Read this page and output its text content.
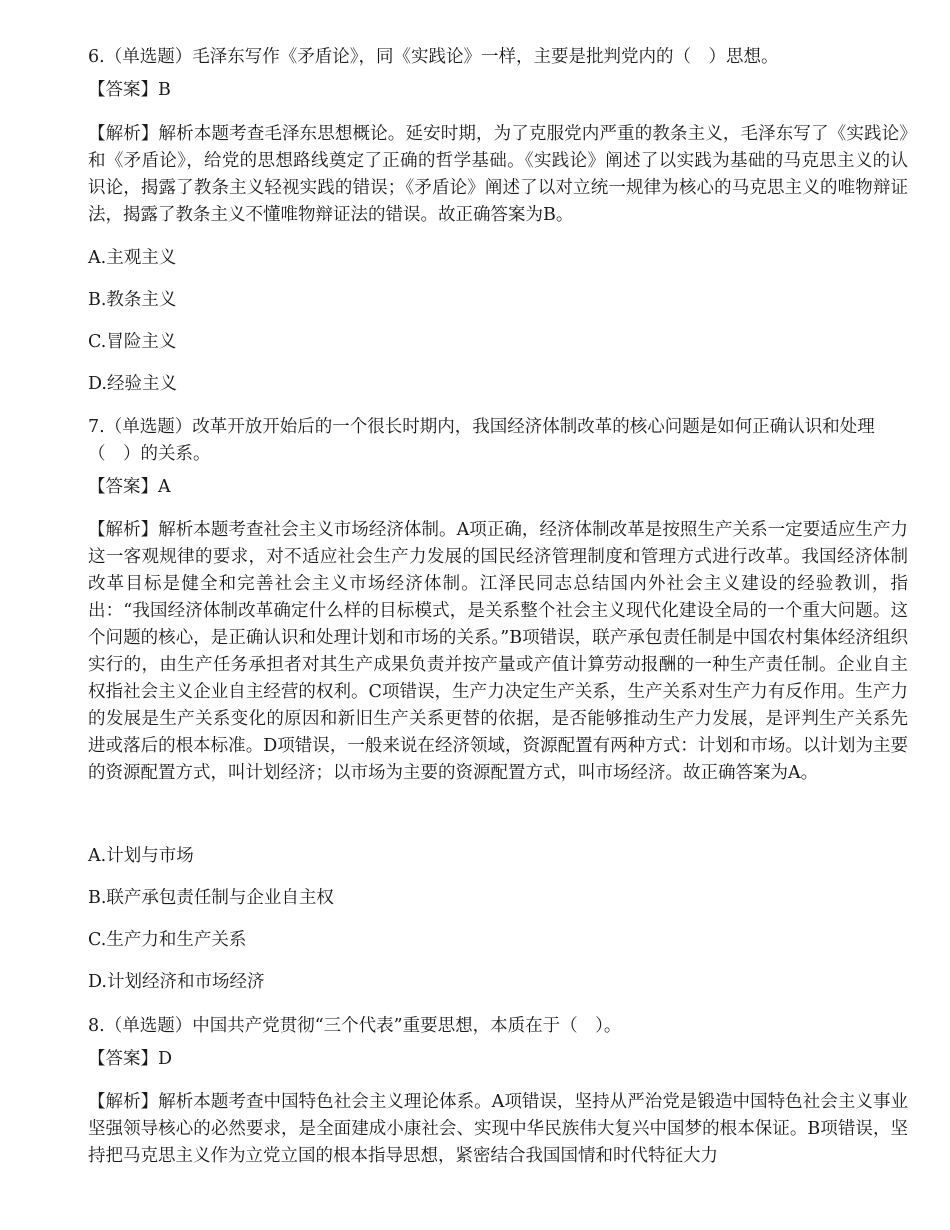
6.（单选题）毛泽东写作《矛盾论》，同《实践论》一样，主要是批判党内的（　）思想。

【答案】B

【解析】解析本题考查毛泽东思想概论。延安时期，为了克服党内严重的教条主义，毛泽东写了《实践论》和《矛盾论》，给党的思想路线奠定了正确的哲学基础。《实践论》阐述了以实践为基础的马克思主义的认识论，揭露了教条主义轻视实践的错误；《矛盾论》阐述了以对立统一规律为核心的马克思主义的唯物辩证法，揭露了教条主义不懂唯物辩证法的错误。故正确答案为B。

A.主观主义

B.教条主义

C.冒险主义

D.经验主义

7.（单选题）改革开放开始后的一个很长时期内，我国经济体制改革的核心问题是如何正确认识和处理（　）的关系。

【答案】A

【解析】解析本题考查社会主义市场经济体制。A项正确，经济体制改革是按照生产关系一定要适应生产力这一客观规律的要求，对不适应社会生产力发展的国民经济管理制度和管理方式进行改革。我国经济体制改革目标是健全和完善社会主义市场经济体制。江泽民同志总结国内外社会主义建设的经验教训，指出：“我国经济体制改革确定什么样的目标模式，是关系整个社会主义现代化建设全局的一个重大问题。这个问题的核心，是正确认识和处理计划和市场的关系。”B项错误，联产承包责任制是中国农村集体经济组织实行的，由生产任务承担者对其生产成果负责并按产量或产值计算劳动报酬的一种生产责任制。企业自主权指社会主义企业自主经营的权利。C项错误，生产力决定生产关系，生产关系对生产力有反作用。生产力的发展是生产关系变化的原因和新旧生产关系更替的依据，是否能够推动生产力发展，是评判生产关系先进或落后的根本标准。D项错误，一般来说在经济领域，资源配置有两种方式：计划和市场。以计划为主要的资源配置方式，叫计划经济；以市场为主要的资源配置方式，叫市场经济。故正确答案为A。

A.计划与市场

B.联产承包责任制与企业自主权

C.生产力和生产关系

D.计划经济和市场经济

8.（单选题）中国共产党贯彻“三个代表”重要思想，本质在于（　）。

【答案】D

【解析】解析本题考查中国特色社会主义理论体系。A项错误，坚持从严治党是锻造中国特色社会主义事业坚强领导核心的必然要求，是全面建成小康社会、实现中华民族伟大复兴中国梦的根本保证。B项错误，坚持把马克思主义作为立党立国的根本指导思想，紧密结合我国国情和时代特征大力
